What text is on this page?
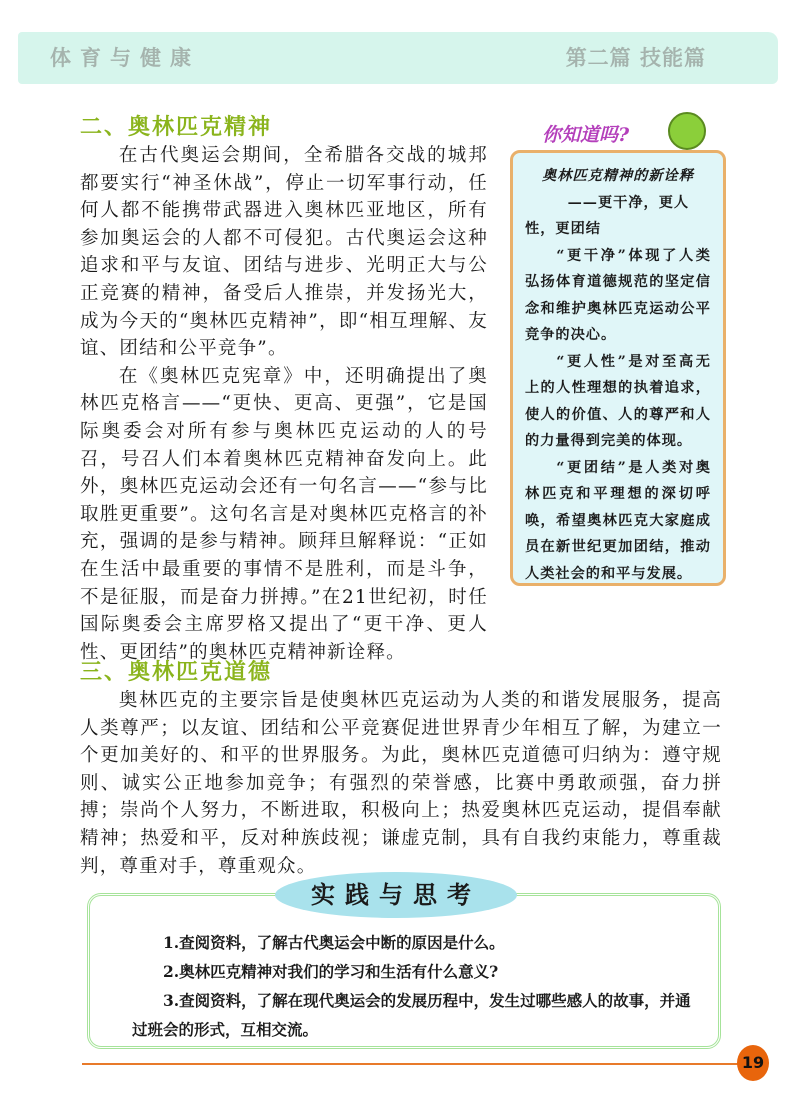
体育与健康	第二篇 技能篇
二、奥林匹克精神

在古代奥运会期间，全希腊各交战的城邦都要实行“神圣休战”，停止一切军事行动，任何人都不能携带武器进入奥林匹亚地区，所有参加奥运会的人都不可侵犯。古代奥运会这种追求和平与友谊、团结与进步、光明正大与公正竞赛的精神，备受后人推崇，并发扬光大，成为今天的“奥林匹克精神”，即“相互理解、友谊、团结和公平竞争”。

在《奥林匹克宪章》中，还明确提出了奥林匹克格言——“更快、更高、更强”，它是国际奥委会对所有参与奥林匹克运动的人的号召，号召人们本着奥林匹克精神奋发向上。此外，奥林匹克运动会还有一句名言——“参与比取胜更重要”。这句名言是对奥林匹克格言的补充，强调的是参与精神。顾拜旦解释说：“正如在生活中最重要的事情不是胜利，而是斗争，不是征服，而是奋力拼搏。”在21世纪初，时任国际奥委会主席罗格又提出了“更干净、更人性、更团结”的奥林匹克精神新诠释。

你知道吗?
奥林匹克精神的新诠释
——更干净，更人性，更团结

“更干净”体现了人类弘扬体育道德规范的坚定信念和维护奥林匹克运动公平竞争的决心。

“更人性”是对至高无上的人性理想的执着追求，使人的价值、人的尊严和人的力量得到完美的体现。

“更团结”是人类对奥林匹克和平理想的深切呼唤，希望奥林匹克大家庭成员在新世纪更加团结，推动人类社会的和平与发展。

三、奥林匹克道德

奥林匹克的主要宗旨是使奥林匹克运动为人类的和谐发展服务，提高人类尊严；以友谊、团结和公平竞赛促进世界青少年相互了解，为建立一个更加美好的、和平的世界服务。为此，奥林匹克道德可归纳为：遵守规则、诚实公正地参加竞争；有强烈的荣誉感，比赛中勇敢顽强，奋力拼搏；崇尚个人努力，不断进取，积极向上；热爱奥林匹克运动，提倡奉献精神；热爱和平，反对种族歧视；谦虚克制，具有自我约束能力，尊重裁判，尊重对手，尊重观众。

实践与思考
1.查阅资料，了解古代奥运会中断的原因是什么。
2.奥林匹克精神对我们的学习和生活有什么意义?
3.查阅资料，了解在现代奥运会的发展历程中，发生过哪些感人的故事，并通过班会的形式，互相交流。
19
